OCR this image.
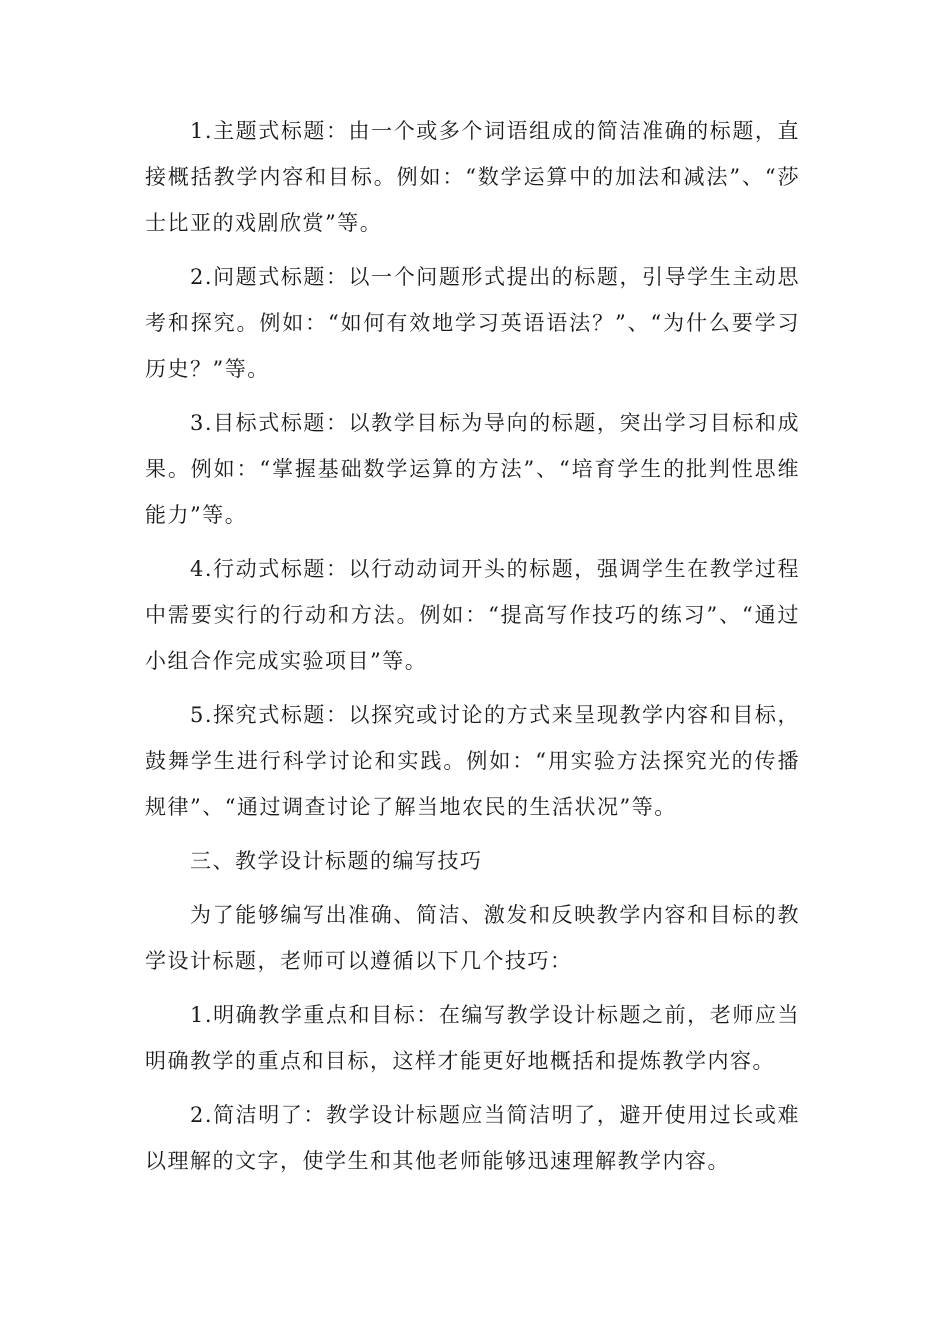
1.主题式标题：由一个或多个词语组成的简洁准确的标题，直接概括教学内容和目标。例如：“数学运算中的加法和减法”、“莎士比亚的戏剧欣赏”等。

2.问题式标题：以一个问题形式提出的标题，引导学生主动思考和探究。例如：“如何有效地学习英语语法？”、“为什么要学习历史？”等。

3.目标式标题：以教学目标为导向的标题，突出学习目标和成果。例如：“掌握基础数学运算的方法”、“培育学生的批判性思维能力”等。

4.行动式标题：以行动动词开头的标题，强调学生在教学过程中需要实行的行动和方法。例如：“提高写作技巧的练习”、“通过小组合作完成实验项目”等。

5.探究式标题：以探究或讨论的方式来呈现教学内容和目标，鼓舞学生进行科学讨论和实践。例如：“用实验方法探究光的传播规律”、“通过调查讨论了解当地农民的生活状况”等。

三、教学设计标题的编写技巧

为了能够编写出准确、简洁、激发和反映教学内容和目标的教学设计标题，老师可以遵循以下几个技巧：

1.明确教学重点和目标：在编写教学设计标题之前，老师应当明确教学的重点和目标，这样才能更好地概括和提炼教学内容。

2.简洁明了：教学设计标题应当简洁明了，避开使用过长或难以理解的文字，使学生和其他老师能够迅速理解教学内容。
